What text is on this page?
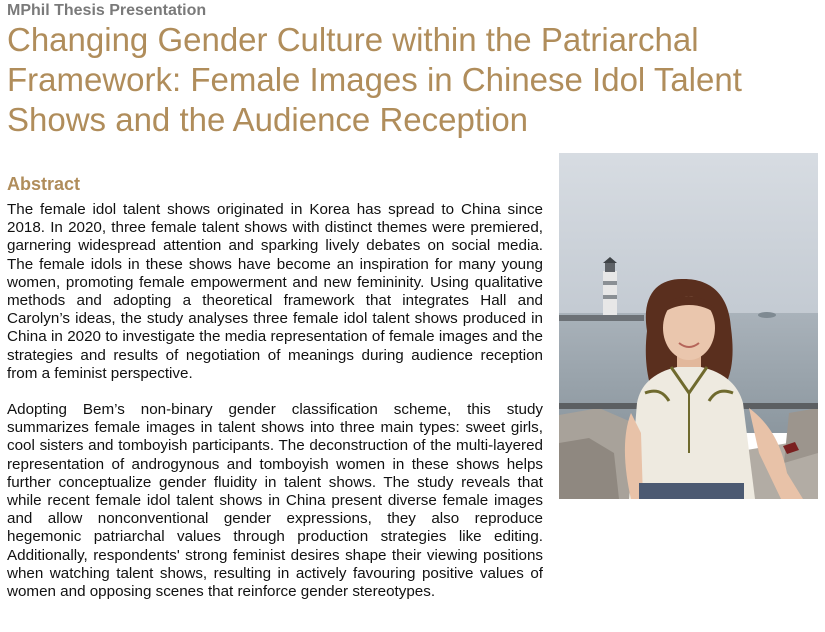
MPhil Thesis Presentation
Changing Gender Culture within the Patriarchal Framework: Female Images in Chinese Idol Talent Shows and the Audience Reception
Abstract

The female idol talent shows originated in Korea has spread to China since 2018. In 2020, three female talent shows with distinct themes were premiered, garnering widespread attention and sparking lively debates on social media. The female idols in these shows have become an inspiration for many young women, promoting female empowerment and new femininity. Using qualitative methods and adopting a theoretical framework that integrates Hall and Carolyn’s ideas, the study analyses three female idol talent shows produced in China in 2020 to investigate the media representation of female images and the strategies and results of negotiation of meanings during audience reception from a feminist perspective.

Adopting Bem’s non-binary gender classification scheme, this study summarizes female images in talent shows into three main types: sweet girls, cool sisters and tomboyish participants. The deconstruction of the multi-layered representation of androgynous and tomboyish women in these shows helps further conceptualize gender fluidity in talent shows. The study reveals that while recent female idol talent shows in China present diverse female images and allow nonconventional gender expressions, they also reproduce hegemonic patriarchal values through production strategies like editing. Additionally, respondents' strong feminist desires shape their viewing positions when watching talent shows, resulting in actively favouring positive values of women and opposing scenes that reinforce gender stereotypes.
